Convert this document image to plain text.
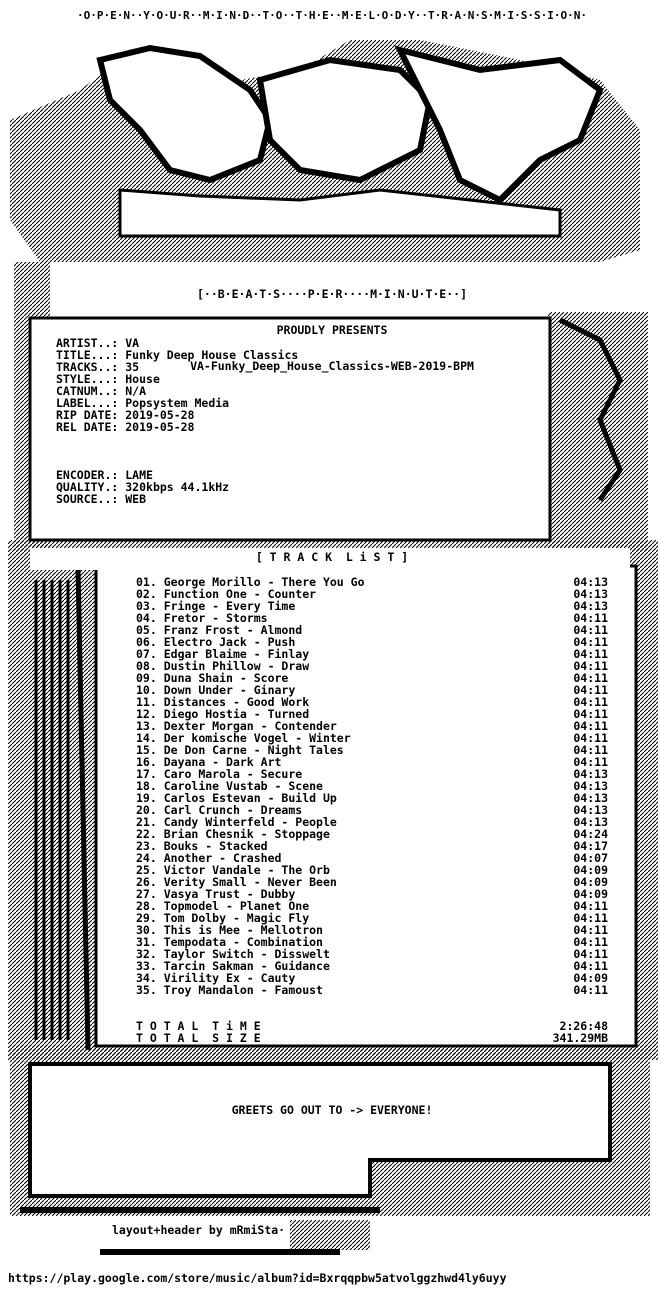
·O·P·E·N··Y·O·U·R··M·I·N·D··T·O··T·H·E··M·E·L·O·D·Y··T·R·A·N·S·M·I·S·S·I·O·N·

[··B·E·A·T·S····P·E·R····M·I·N·U·T·E··]

PROUDLY PRESENTS

VA-Funky_Deep_House_Classics-WEB-2019-BPM

ARTIST..: VA
TITLE...: Funky Deep House Classics
TRACKS..: 35
STYLE...: House
CATNUM..: N/A
LABEL...: Popsystem Media
RIP DATE: 2019-05-28
REL DATE: 2019-05-28
ENCODER.: LAME
QUALITY.: 320kbps 44.1kHz
SOURCE..: WEB
[ T R A C K  L i S T ]
01. George Morillo - There You Go	04:13
02. Function One - Counter	04:13
03. Fringe - Every Time	04:13
04. Fretor - Storms	04:11
05. Franz Frost - Almond	04:11
06. Electro Jack - Push	04:11
07. Edgar Blaime - Finlay	04:11
08. Dustin Phillow - Draw	04:11
09. Duna Shain - Score	04:11
10. Down Under - Ginary	04:11
11. Distances - Good Work	04:11
12. Diego Hostia - Turned	04:11
13. Dexter Morgan - Contender	04:11
14. Der komische Vogel - Winter	04:11
15. De Don Carne - Night Tales	04:11
16. Dayana - Dark Art	04:11
17. Caro Marola - Secure	04:13
18. Caroline Vustab - Scene	04:13
19. Carlos Estevan - Build Up	04:13
20. Carl Crunch - Dreams	04:13
21. Candy Winterfeld - People	04:13
22. Brian Chesnik - Stoppage	04:24
23. Bouks - Stacked	04:17
24. Another - Crashed	04:07
25. Victor Vandale - The Orb	04:09
26. Verity Small - Never Been	04:09
27. Vasya Trust - Dubby	04:09
28. Topmodel - Planet One	04:11
29. Tom Dolby - Magic Fly	04:11
30. This is Mee - Mellotron	04:11
31. Tempodata - Combination	04:11
32. Taylor Switch - Disswelt	04:11
33. Tarcin Sakman - Guidance	04:11
34. Virility Ex - Cauty	04:09
35. Troy Mandalon - Famoust	04:11
T O T A L  T i M E	2:26:48
T O T A L  S I Z E	341.29MB
GREETS GO OUT TO -> EVERYONE!
layout+header by mRmiSta·
https://play.google.com/store/music/album?id=Bxrqqpbw5atvolggzhwd4ly6uyy
